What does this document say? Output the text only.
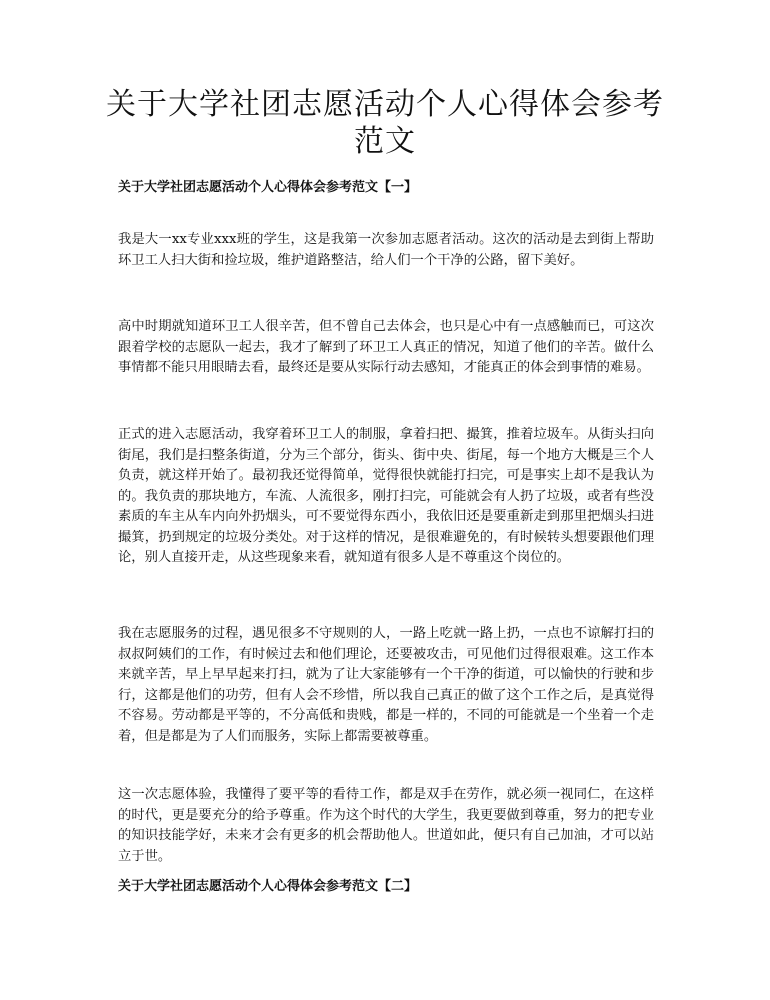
关于大学社团志愿活动个人心得体会参考范文
关于大学社团志愿活动个人心得体会参考范文【一】

我是大一xx专业xxx班的学生，这是我第一次参加志愿者活动。这次的活动是去到街上帮助环卫工人扫大街和捡垃圾，维护道路整洁，给人们一个干净的公路，留下美好。

高中时期就知道环卫工人很辛苦，但不曾自己去体会，也只是心中有一点感触而已，可这次跟着学校的志愿队一起去，我才了解到了环卫工人真正的情况，知道了他们的辛苦。做什么事情都不能只用眼睛去看，最终还是要从实际行动去感知，才能真正的体会到事情的难易。

正式的进入志愿活动，我穿着环卫工人的制服，拿着扫把、撮箕，推着垃圾车。从街头扫向街尾，我们是扫整条街道，分为三个部分，街头、街中央、街尾，每一个地方大概是三个人负责，就这样开始了。最初我还觉得简单，觉得很快就能打扫完，可是事实上却不是我认为的。我负责的那块地方，车流、人流很多，刚打扫完，可能就会有人扔了垃圾，或者有些没素质的车主从车内向外扔烟头，可不要觉得东西小，我依旧还是要重新走到那里把烟头扫进撮箕，扔到规定的垃圾分类处。对于这样的情况，是很难避免的，有时候转头想要跟他们理论，别人直接开走，从这些现象来看，就知道有很多人是不尊重这个岗位的。

我在志愿服务的过程，遇见很多不守规则的人，一路上吃就一路上扔，一点也不谅解打扫的叔叔阿姨们的工作，有时候过去和他们理论，还要被攻击，可见他们过得很艰难。这工作本来就辛苦，早上早早起来打扫，就为了让大家能够有一个干净的街道，可以愉快的行驶和步行，这都是他们的功劳，但有人会不珍惜，所以我自己真正的做了这个工作之后，是真觉得不容易。劳动都是平等的，不分高低和贵贱，都是一样的，不同的可能就是一个坐着一个走着，但是都是为了人们而服务，实际上都需要被尊重。

这一次志愿体验，我懂得了要平等的看待工作，都是双手在劳作，就必须一视同仁，在这样的时代，更是要充分的给予尊重。作为这个时代的大学生，我更要做到尊重，努力的把专业的知识技能学好，未来才会有更多的机会帮助他人。世道如此，便只有自己加油，才可以站立于世。

关于大学社团志愿活动个人心得体会参考范文【二】
